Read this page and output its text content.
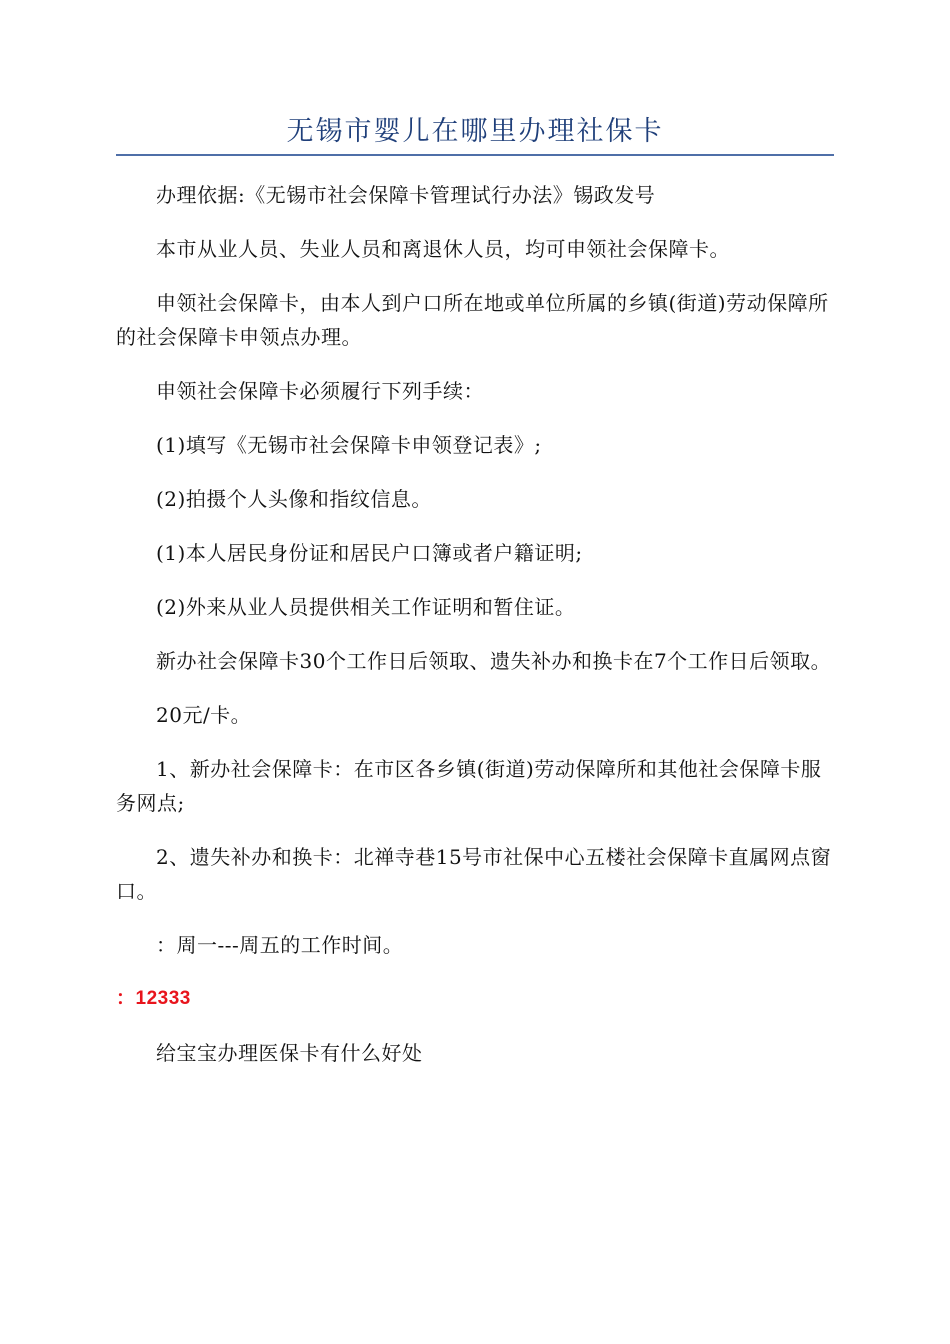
无锡市婴儿在哪里办理社保卡

办理依据:《无锡市社会保障卡管理试行办法》锡政发号

本市从业人员、失业人员和离退休人员，均可申领社会保障卡。

申领社会保障卡，由本人到户口所在地或单位所属的乡镇(街道)劳动保障所的社会保障卡申领点办理。

申领社会保障卡必须履行下列手续：

(1)填写《无锡市社会保障卡申领登记表》;

(2)拍摄个人头像和指纹信息。

(1)本人居民身份证和居民户口簿或者户籍证明;

(2)外来从业人员提供相关工作证明和暂住证。

新办社会保障卡30个工作日后领取、遗失补办和换卡在7个工作日后领取。

20元/卡。

1、新办社会保障卡：在市区各乡镇(街道)劳动保障所和其他社会保障卡服务网点;

2、遗失补办和换卡：北禅寺巷15号市社保中心五楼社会保障卡直属网点窗口。

：周一---周五的工作时间。

：12333

给宝宝办理医保卡有什么好处
